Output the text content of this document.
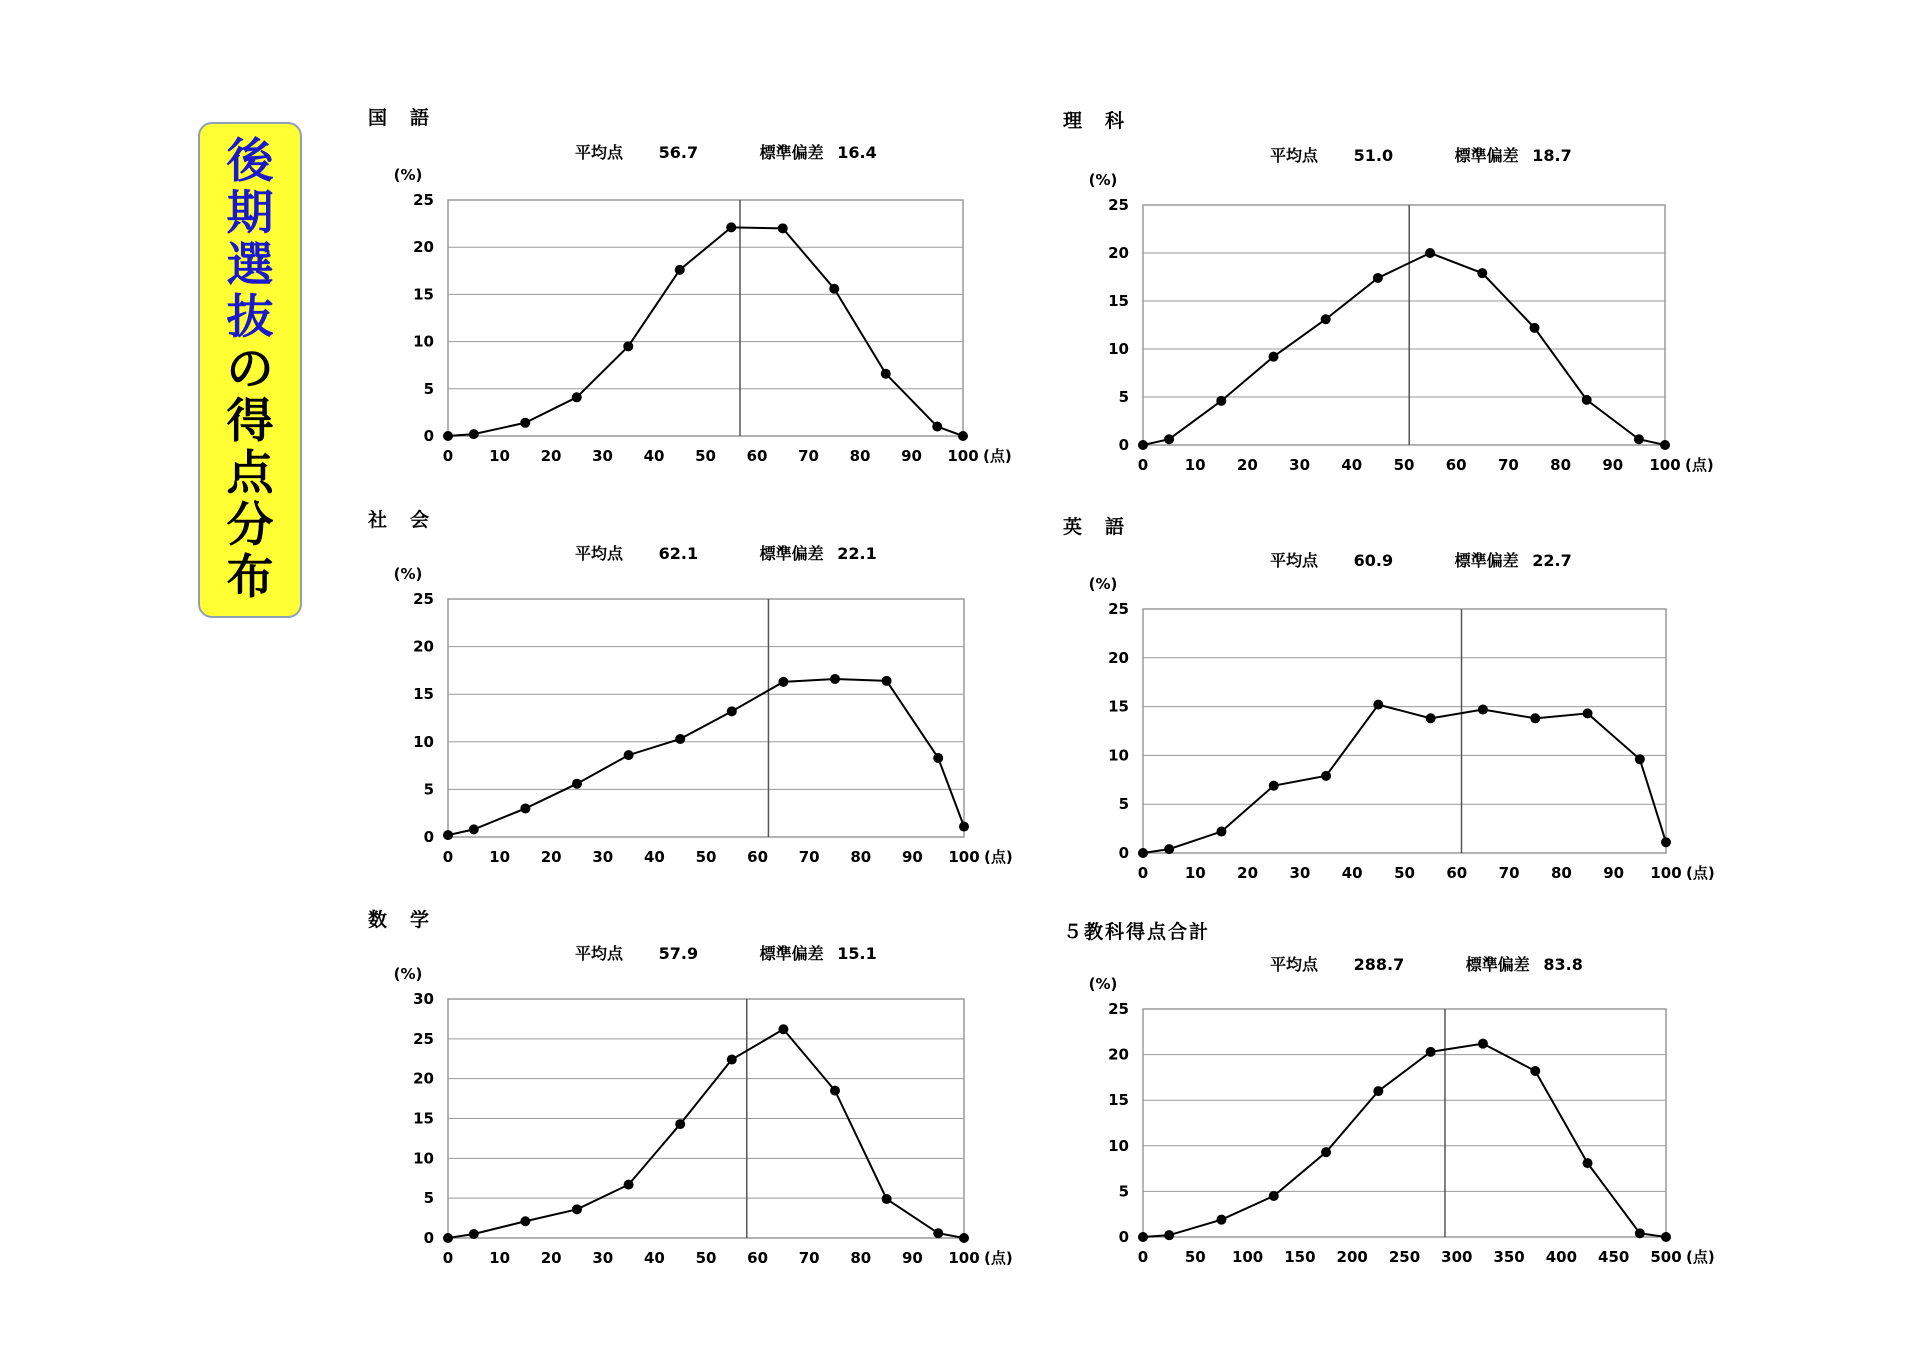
後
期
選
抜
の
得
点
分
布
国　語
平均点 56.7	標準偏差 16.4
0
5
10
15
20
25
0 10 20 30 40 50 60 70 80 90 100
(%)
(点)
理　科
平均点 51.0	標準偏差 18.7
0
5
10
15
20
25
0 10 20 30 40 50 60 70 80 90 100
(%)
(点)
社　会
平均点 62.1	標準偏差 22.1
0
5
10
15
20
25
0 10 20 30 40 50 60 70 80 90 100
(%)
(点)
英　語
平均点 60.9	標準偏差 22.7
0
5
10
15
20
25
0 10 20 30 40 50 60 70 80 90 100
(%)
(点)
数　学
平均点 57.9	標準偏差 15.1
0
5
10
15
20
25
30
0 10 20 30 40 50 60 70 80 90 100
(%)
(点)
５教科得点合計
平均点 288.7	標準偏差 83.8
0
5
10
15
20
25
0 50 100 150 200 250 300 350 400 450 500
(%)
(点)
